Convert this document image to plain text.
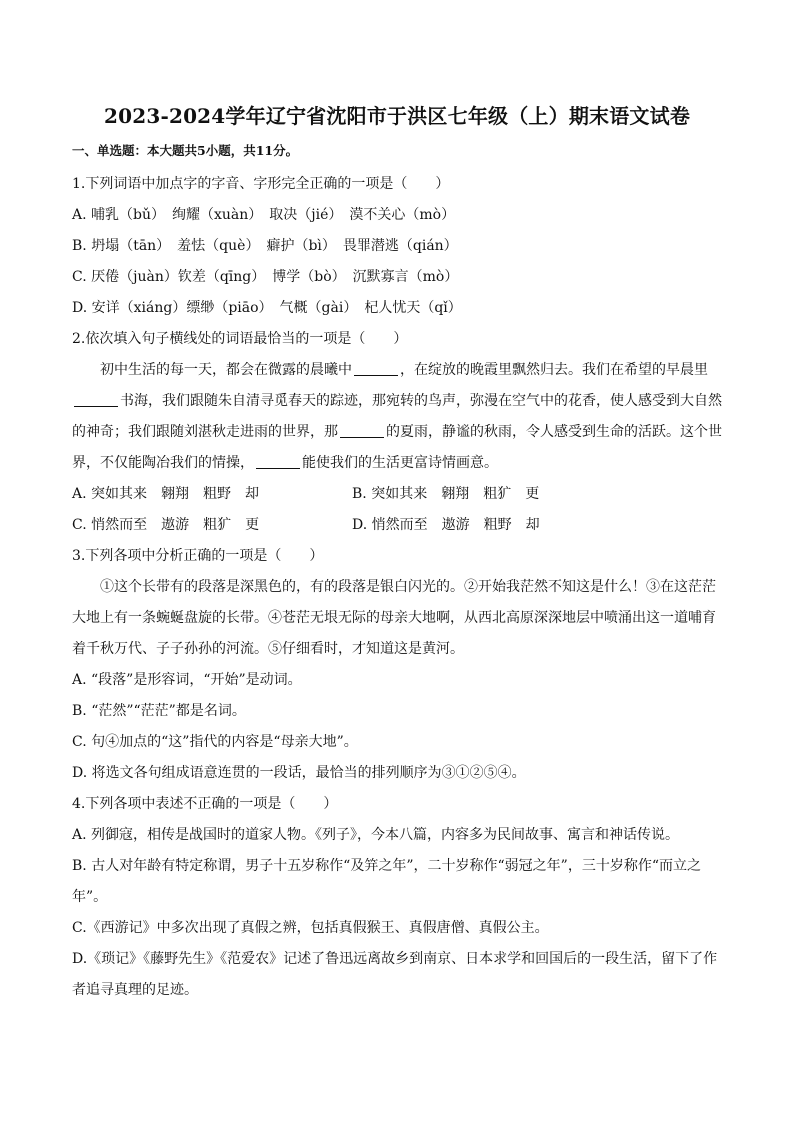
2023-2024学年辽宁省沈阳市于洪区七年级（上）期末语文试卷
一、单选题：本大题共5小题，共11分。

1.下列词语中加点字的字音、字形完全正确的一项是（　　）

A. 哺乳（bǔ）　绚耀（xuàn）　取决（jié）　漠不关心（mò）

B. 坍塌（tān）　羞怯（què）　癖护（bì）　畏罪潜逃（qián）

C. 厌倦（juàn）钦差（qīng）　博学（bò）　沉默寡言（mò）

D. 安详（xiáng）缥缈（piāo）　气概（gài）　杞人忧天（qǐ）

2.依次填入句子横线处的词语最恰当的一项是（　　）

初中生活的每一天，都会在微露的晨曦中	，在绽放的晚霞里飘然归去。我们在希望的早晨里书海，我们跟随朱自清寻觅春天的踪迹，那宛转的鸟声，弥漫在空气中的花香，使人感受到大自然的神奇；我们跟随刘湛秋走进雨的世界，那	的夏雨，静谧的秋雨，令人感受到生命的活跃。这个世界，不仅能陶冶我们的情操，	能使我们的生活更富诗情画意。

A. 突如其来　翱翔　粗野　却	B. 突如其来　翱翔　粗犷　更
C. 悄然而至　遨游　粗犷　更	D. 悄然而至　遨游　粗野　却

3.下列各项中分析正确的一项是（　　）

①这个长带有的段落是深黑色的，有的段落是银白闪光的。②开始我茫然不知这是什么！③在这茫茫大地上有一条蜿蜒盘旋的长带。④苍茫无垠无际的母亲大地啊，从西北高原深深地层中喷涌出这一道哺育着千秋万代、子子孙孙的河流。⑤仔细看时，才知道这是黄河。

A. “段落”是形容词，“开始”是动词。

B. “茫然”“茫茫”都是名词。

C. 句④加点的“这”指代的内容是“母亲大地”。

D. 将选文各句组成语意连贯的一段话，最恰当的排列顺序为③①②⑤④。

4.下列各项中表述不正确的一项是（　　）

A. 列御寇，相传是战国时的道家人物。《列子》，今本八篇，内容多为民间故事、寓言和神话传说。

B. 古人对年龄有特定称谓，男子十五岁称作“及笄之年”，二十岁称作“弱冠之年”，三十岁称作“而立之年”。

C.《西游记》中多次出现了真假之辨，包括真假猴王、真假唐僧、真假公主。

D.《琐记》《藤野先生》《范爱农》记述了鲁迅远离故乡到南京、日本求学和回国后的一段生活，留下了作者追寻真理的足迹。
